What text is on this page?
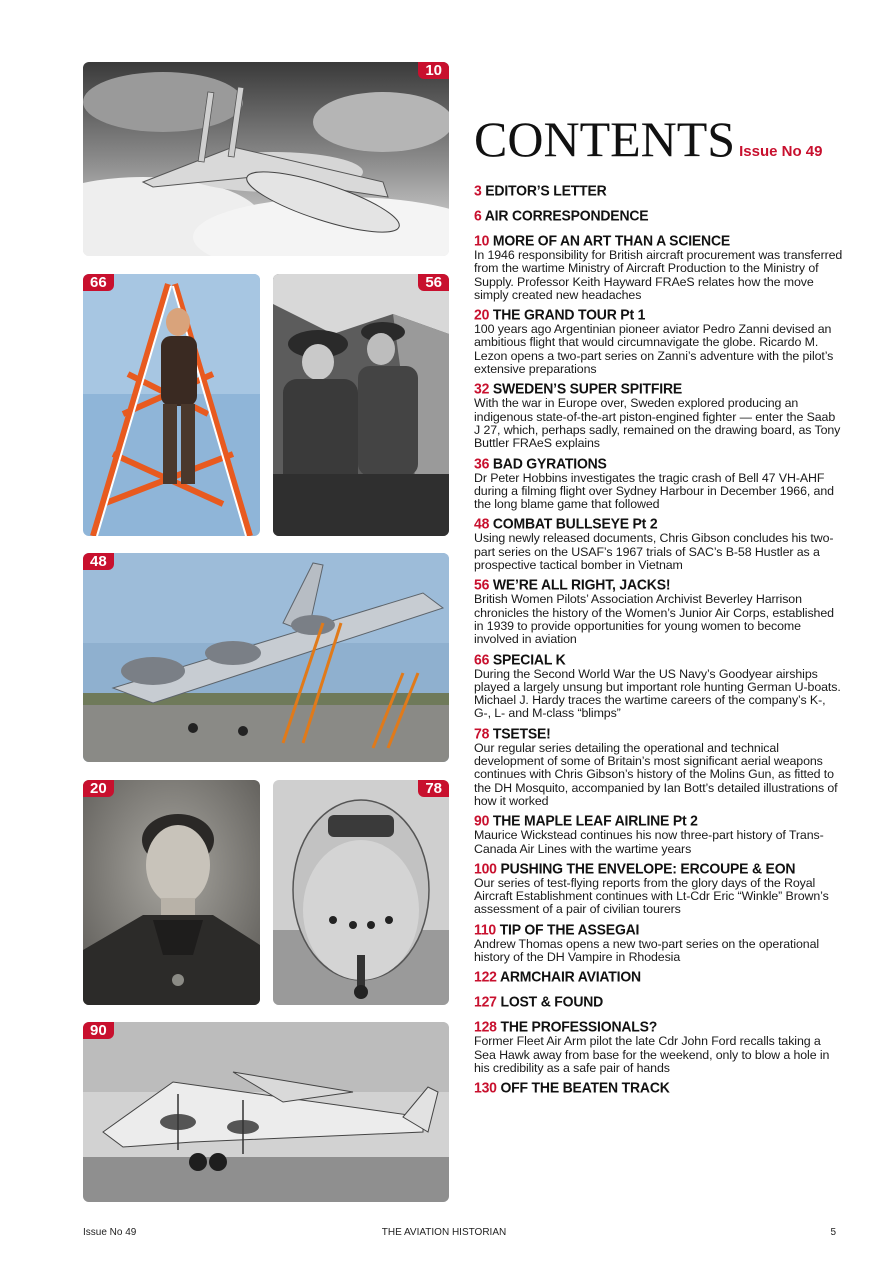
10
66	56
48
20	78
90
CONTENTS Issue No 49
3 EDITOR’S LETTER
6 AIR CORRESPONDENCE
10 MORE OF AN ART THAN A SCIENCE
In 1946 responsibility for British aircraft procurement was transferred from the wartime Ministry of Aircraft Production to the Ministry of Supply. Professor Keith Hayward FRAeS relates how the move simply created new headaches
20 THE GRAND TOUR Pt 1
100 years ago Argentinian pioneer aviator Pedro Zanni devised an ambitious flight that would circumnavigate the globe. Ricardo M. Lezon opens a two-part series on Zanni’s adventure with the pilot’s extensive preparations
32 SWEDEN’S SUPER SPITFIRE
With the war in Europe over, Sweden explored producing an indigenous state-of-the-art piston-engined fighter — enter the Saab J 27, which, perhaps sadly, remained on the drawing board, as Tony Buttler FRAeS explains
36 BAD GYRATIONS
Dr Peter Hobbins investigates the tragic crash of Bell 47 VH-AHF during a filming flight over Sydney Harbour in December 1966, and the long blame game that followed
48 COMBAT BULLSEYE Pt 2
Using newly released documents, Chris Gibson concludes his two-part series on the USAF’s 1967 trials of SAC’s B-58 Hustler as a prospective tactical bomber in Vietnam
56 WE’RE ALL RIGHT, JACKS!
British Women Pilots’ Association Archivist Beverley Harrison chronicles the history of the Women’s Junior Air Corps, established in 1939 to provide opportunities for young women to become involved in aviation
66 SPECIAL K
During the Second World War the US Navy’s Goodyear airships played a largely unsung but important role hunting German U-boats. Michael J. Hardy traces the wartime careers of the company’s K-, G-, L- and M-class “blimps”
78 TSETSE!
Our regular series detailing the operational and technical development of some of Britain’s most significant aerial weapons continues with Chris Gibson’s history of the Molins Gun, as fitted to the DH Mosquito, accompanied by Ian Bott’s detailed illustrations of how it worked
90 THE MAPLE LEAF AIRLINE Pt 2
Maurice Wickstead continues his now three-part history of Trans-Canada Air Lines with the wartime years
100 PUSHING THE ENVELOPE: ERCOUPE & EON
Our series of test-flying reports from the glory days of the Royal Aircraft Establishment continues with Lt-Cdr Eric “Winkle” Brown’s assessment of a pair of civilian tourers
110 TIP OF THE ASSEGAI
Andrew Thomas opens a new two-part series on the operational history of the DH Vampire in Rhodesia
122 ARMCHAIR AVIATION
127 LOST & FOUND
128 THE PROFESSIONALS?
Former Fleet Air Arm pilot the late Cdr John Ford recalls taking a Sea Hawk away from base for the weekend, only to blow a hole in his credibility as a safe pair of hands
130 OFF THE BEATEN TRACK
Issue No 49	THE AVIATION HISTORIAN	5
